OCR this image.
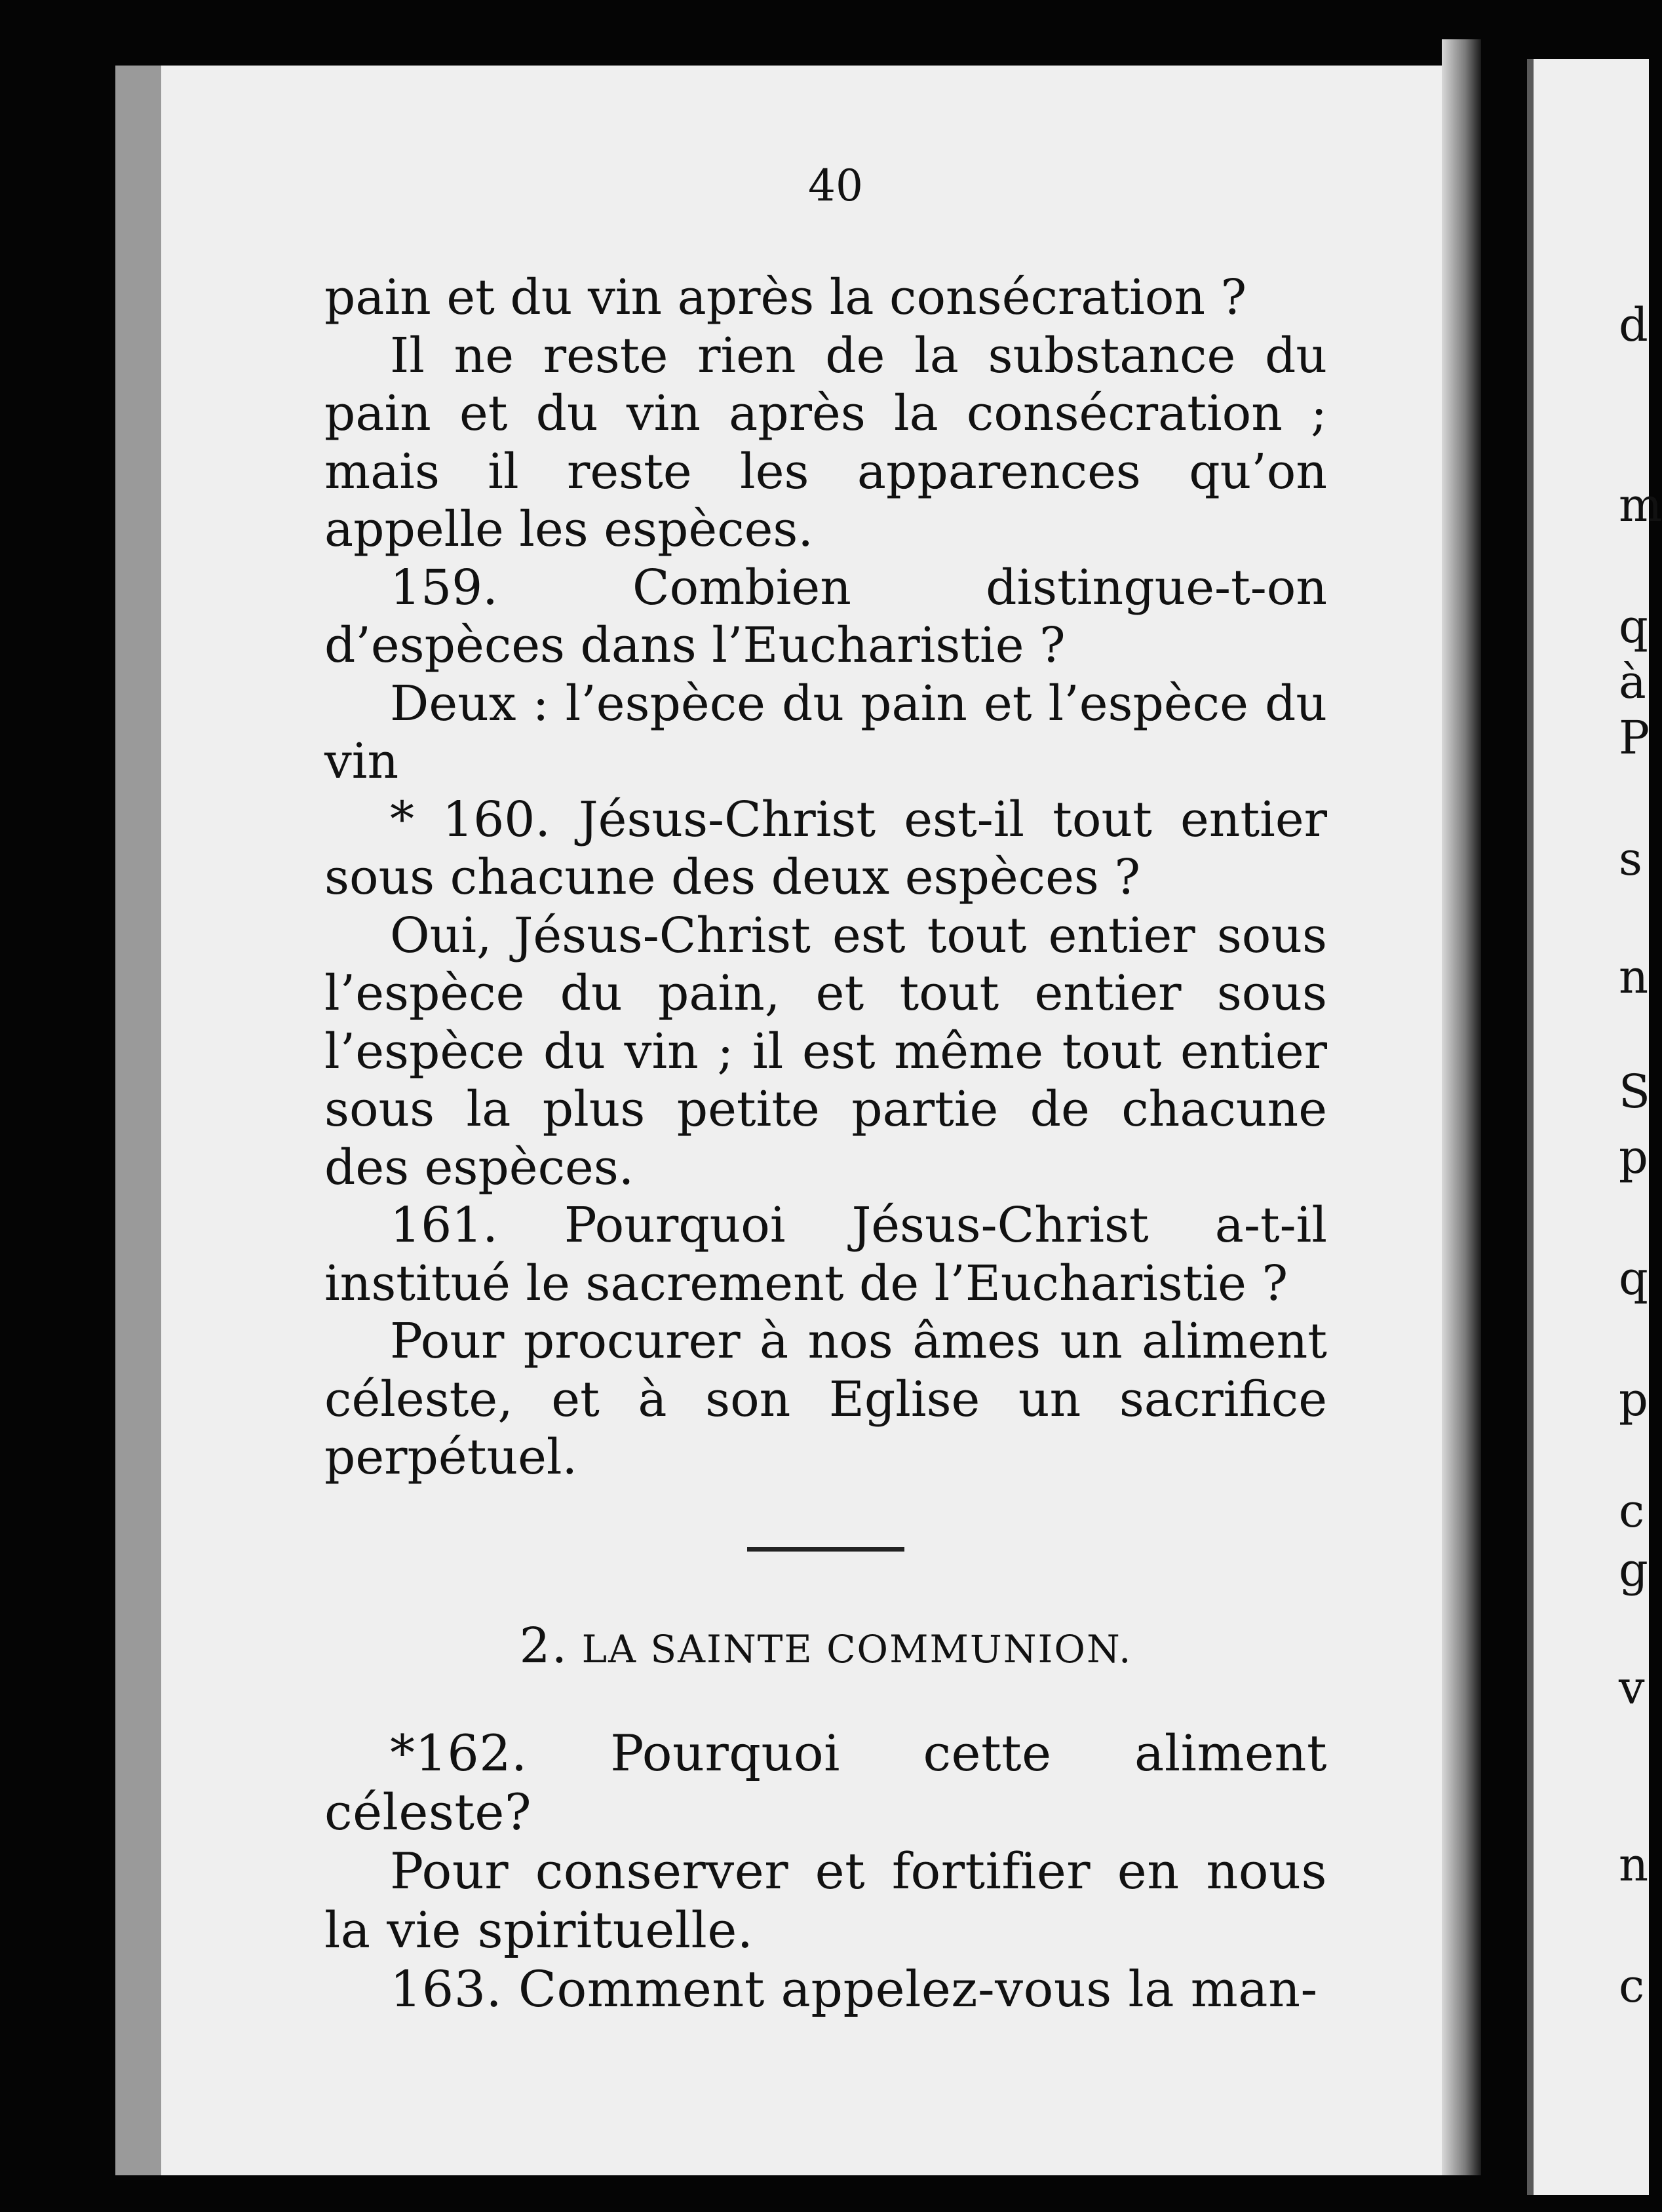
40

pain et du vin après la consécration ?

Il ne reste rien de la substance du pain et du vin après la consécration ; mais il reste les apparences qu’on appelle les espèces.

159. Combien distingue-t-on d’espèces dans l’Eucharistie ?

Deux : l’espèce du pain et l’espèce du vin

* 160. Jésus-Christ est-il tout entier sous chacune des deux espèces ?

Oui, Jésus-Christ est tout entier sous l’espèce du pain, et tout entier sous l’espèce du vin ; il est même tout entier sous la plus petite partie de chacune des espèces.

161. Pourquoi Jésus-Christ a-t-il institué le sacrement de l’Eucharistie ?

Pour procurer à nos âmes un aliment céleste, et à son Eglise un sacrifice perpétuel.

2. LA SAINTE COMMUNION.

*162. Pourquoi cette aliment céleste?

Pour conserver et fortifier en nous la vie spirituelle.

163. Comment appelez-vous la man-

d
m
q
à
P
s
n
S
p
q
p
c
g
v
n
c
